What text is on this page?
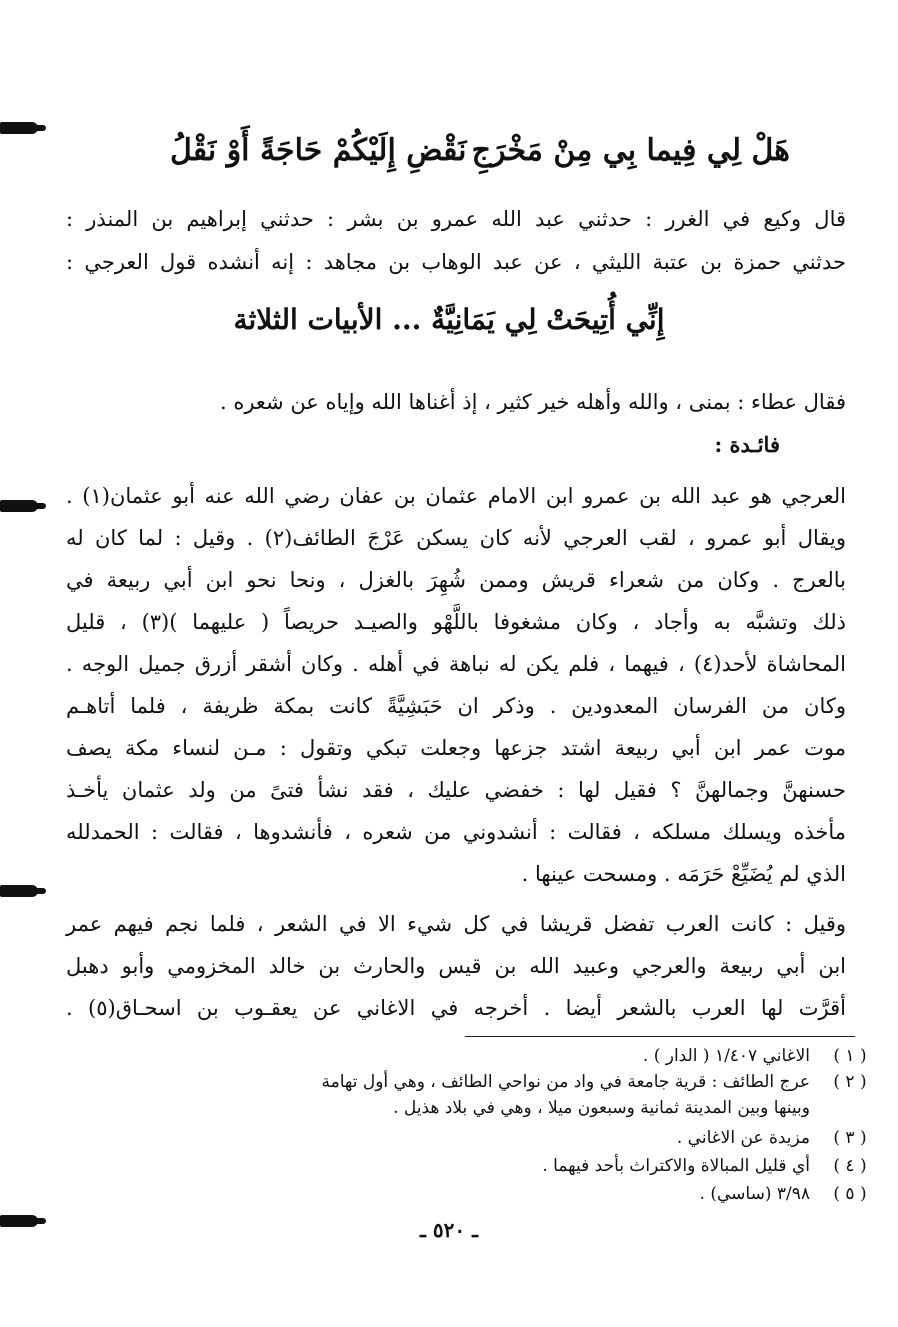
هَلْ لِي فِيما بِي مِنْ مَخْرَجِ
نَقْضِ إِلَيْكُمْ حَاجَةً أَوْ نَقْلُ
قال وكيع في الغرر : حدثني عبد الله عمرو بن بشر : حدثني إبراهيم بن المنذر :
حدثني حمزة بن عتبة الليثي ، عن عبد الوهاب بن مجاهد : إنه أنشده قول العرجي :
إِنِّي أُتِيحَتْ لِي يَمَانِيَّةٌ ... الأبيات الثلاثة
فقال عطاء : بمنى ، والله وأهله خير كثير ، إذ أغناها الله وإياه عن شعره .
فائـدة :
العرجي هو عبد الله بن عمرو ابن الامام عثمان بن عفان رضي الله عنه أبو عثمان(١) .
ويقال أبو عمرو ، لقب العرجي لأنه كان يسكن عَرْجَ الطائف(٢) . وقيل : لما كان له
بالعرج . وكان من شعراء قريش وممن شُهِرَ بالغزل ، ونحا نحو ابن أبي ربيعة في
ذلك وتشبَّه به وأجاد ، وكان مشغوفا باللَّهْو والصيـد حريصاً ( عليهما )(٣) ، قليل
المحاشاة لأحد(٤) ، فيهما ، فلم يكن له نباهة في أهله . وكان أشقر أزرق جميل الوجه .
وكان من الفرسان المعدودين . وذكر ان حَبَشِيَّةً كانت بمكة ظريفة ، فلما أتاهـم
موت عمر ابن أبي ربيعة اشتد جزعها وجعلت تبكي وتقول : مـن لنساء مكة يصف
حسنهنَّ وجمالهنَّ ؟ فقيل لها : خفضي عليك ، فقد نشأ فتىً من ولد عثمان يأخـذ
مأخذه ويسلك مسلكه ، فقالت : أنشدوني من شعره ، فأنشدوها ، فقالت : الحمدلله
الذي لم يُضَيِّعْ حَرَمَه . ومسحت عينها .
وقيل : كانت العرب تفضل قريشا في كل شيء الا في الشعر ، فلما نجم فيهم عمر
ابن أبي ربيعة والعرجي وعبيد الله بن قيس والحارث بن خالد المخزومي وأبو دهبل
أقرَّت لها العرب بالشعر أيضا . أخرجه في الاغاني عن يعقـوب بن اسحـاق(٥) .
( ١ )
الاغاني ١/٤٠٧ ( الدار ) .
( ٢ )
عرج الطائف : قرية جامعة في واد من نواحي الطائف ، وهي أول تهامة
وبينها وبين المدينة ثمانية وسبعون ميلا ، وهي في بلاد هذيل .
( ٣ )
مزيدة عن الاغاني .
( ٤ )
أي قليل المبالاة والاكتراث بأحد فيهما .
( ٥ )
٣/٩٨ (ساسي) .
ـ ٥٢٠ ـ
